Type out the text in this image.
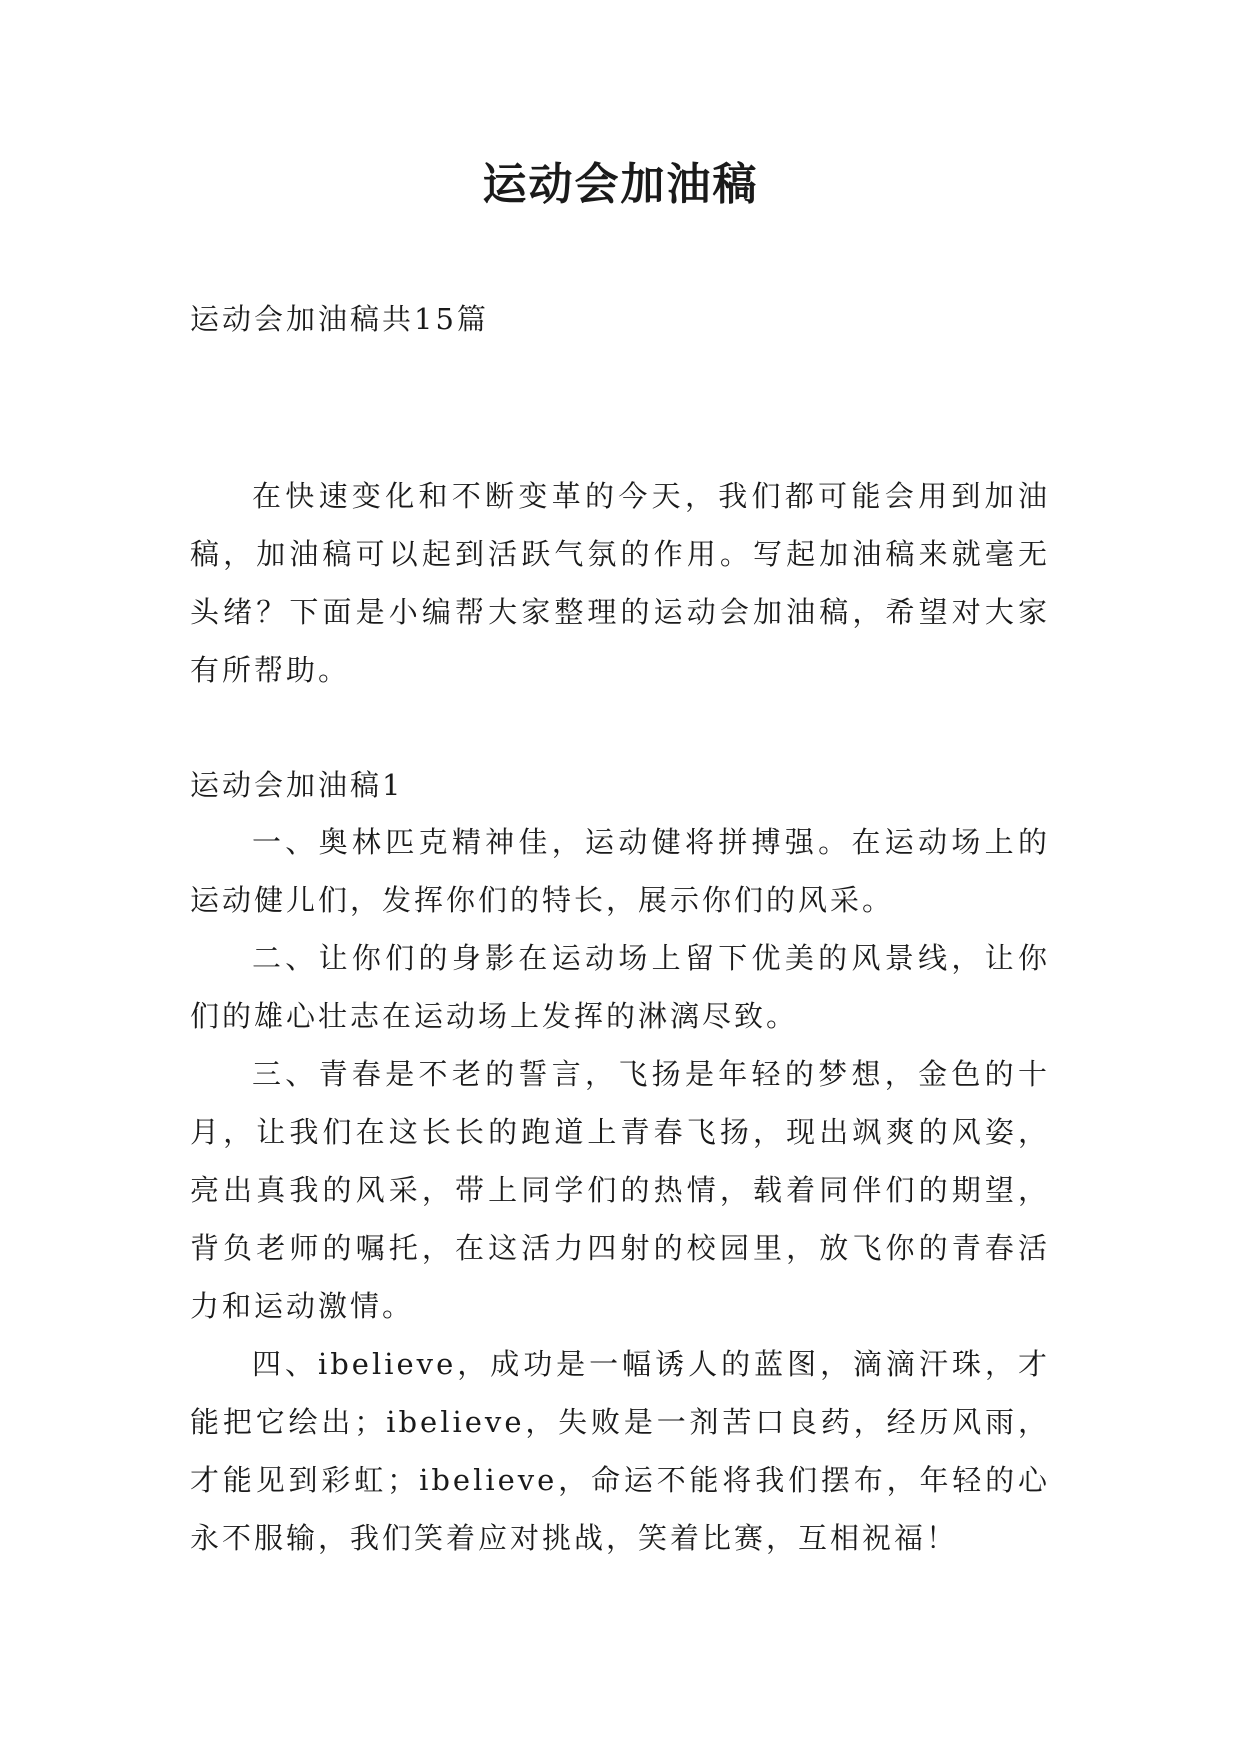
运动会加油稿
运动会加油稿共15篇
在快速变化和不断变革的今天，我们都可能会用到加油稿，加油稿可以起到活跃气氛的作用。写起加油稿来就毫无头绪？下面是小编帮大家整理的运动会加油稿，希望对大家有所帮助。
运动会加油稿1

一、奥林匹克精神佳，运动健将拼搏强。在运动场上的运动健儿们，发挥你们的特长，展示你们的风采。

二、让你们的身影在运动场上留下优美的风景线，让你们的雄心壮志在运动场上发挥的淋漓尽致。

三、青春是不老的誓言，飞扬是年轻的梦想，金色的十月，让我们在这长长的跑道上青春飞扬，现出飒爽的风姿，亮出真我的风采，带上同学们的热情，载着同伴们的期望，背负老师的嘱托，在这活力四射的校园里，放飞你的青春活力和运动激情。

四、ibelieve，成功是一幅诱人的蓝图，滴滴汗珠，才能把它绘出；ibelieve，失败是一剂苦口良药，经历风雨，才能见到彩虹；ibelieve，命运不能将我们摆布，年轻的心永不服输，我们笑着应对挑战，笑着比赛，互相祝福！
